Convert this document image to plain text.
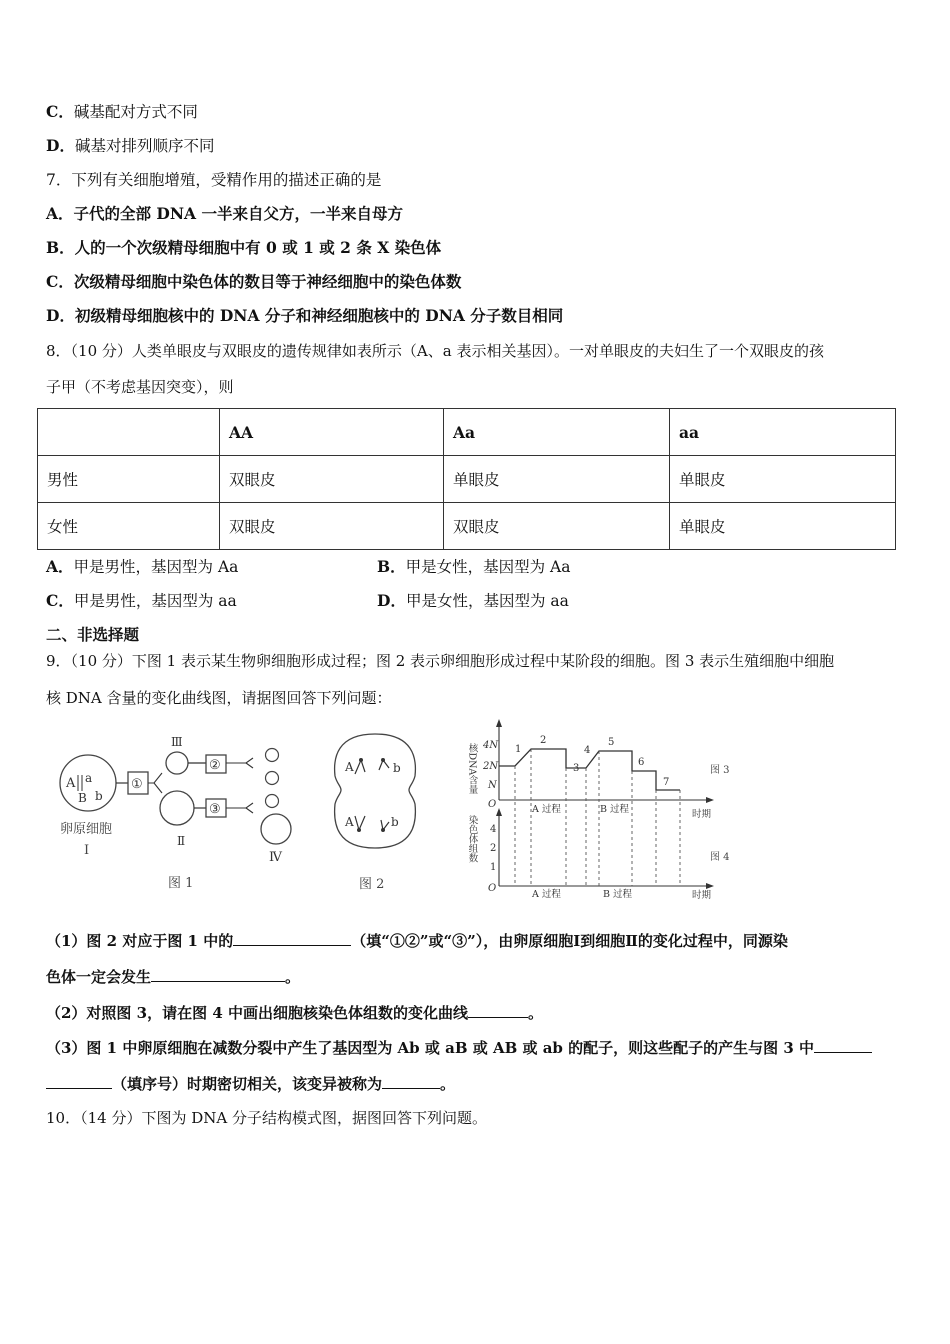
C．碱基配对方式不同
D．碱基对排列顺序不同
7．下列有关细胞增殖，受精作用的描述正确的是
A．子代的全部 DNA 一半来自父方，一半来自母方
B．人的一个次级精母细胞中有 0 或 1 或 2 条 X 染色体
C．次级精母细胞中染色体的数目等于神经细胞中的染色体数
D．初级精母细胞核中的 DNA 分子和神经细胞核中的 DNA 分子数目相同
8．（10 分）人类单眼皮与双眼皮的遗传规律如表所示（A、a 表示相关基因）。一对单眼皮的夫妇生了一个双眼皮的孩
子甲（不考虑基因突变），则
	AA	Aa	aa
男性	双眼皮	单眼皮	单眼皮
女性	双眼皮	双眼皮	单眼皮
A．甲是男性，基因型为 Aa	B．甲是女性，基因型为 Aa
C．甲是男性，基因型为 aa	D．甲是女性，基因型为 aa
二、非选择题
9．（10 分）下图 1 表示某生物卵细胞形成过程；图 2 表示卵细胞形成过程中某阶段的细胞。图 3 表示生殖细胞中细胞
核 DNA 含量的变化曲线图，请据图回答下列问题：
A a
B b
①
Ⅲ
Ⅱ
②
③
Ⅳ
卵原细胞
Ⅰ
图 1
A	b
A	b
图 2
核DNA含量 4N
2N
N
O
1
2
3
4
5
6
7
A 过程	B 过程	时期
图 3
染色体组数 4
2
1
O
A 过程	B 过程	时期
图 4
（1）图 2 对应于图 1 中的	（填“①②”或“③”），由卵原细胞Ⅰ到细胞Ⅱ的变化过程中，同源染
色体一定会发生	。
（2）对照图 3，请在图 4 中画出细胞核染色体组数的变化曲线	。
（3）图 1 中卵原细胞在减数分裂中产生了基因型为 Ab 或 aB 或 AB 或 ab 的配子，则这些配子的产生与图 3 中
（填序号）时期密切相关，该变异被称为	。
10．（14 分）下图为 DNA 分子结构模式图，据图回答下列问题。
